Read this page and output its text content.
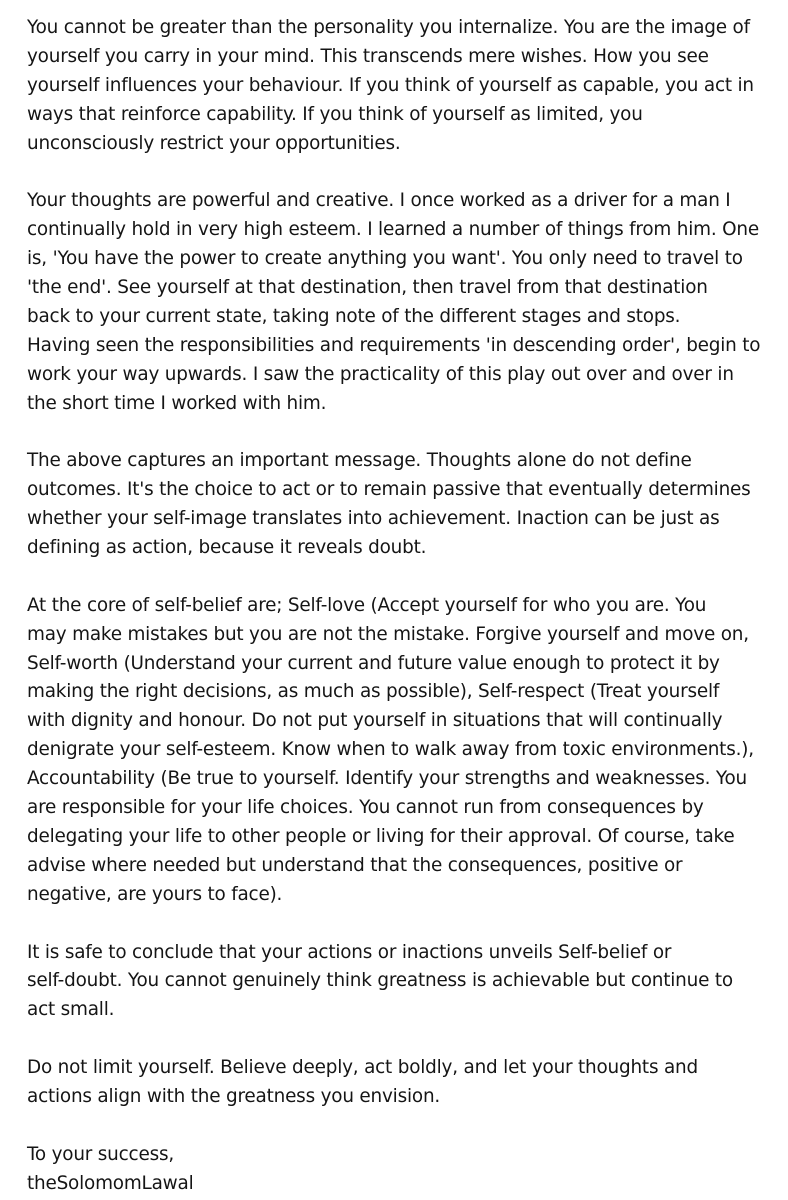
You cannot be greater than the personality you internalize. You are the image of
yourself you carry in your mind. This transcends mere wishes. How you see
yourself influences your behaviour. If you think of yourself as capable, you act in
ways that reinforce capability. If you think of yourself as limited, you
unconsciously restrict your opportunities.
Your thoughts are powerful and creative. I once worked as a driver for a man I
continually hold in very high esteem. I learned a number of things from him. One
is, 'You have the power to create anything you want'. You only need to travel to
'the end'. See yourself at that destination, then travel from that destination
back to your current state, taking note of the different stages and stops.
Having seen the responsibilities and requirements 'in descending order', begin to
work your way upwards. I saw the practicality of this play out over and over in
the short time I worked with him.
The above captures an important message. Thoughts alone do not define
outcomes. It's the choice to act or to remain passive that eventually determines
whether your self-image translates into achievement. Inaction can be just as
defining as action, because it reveals doubt.
At the core of self-belief are; Self-love (Accept yourself for who you are. You
may make mistakes but you are not the mistake. Forgive yourself and move on,
Self-worth (Understand your current and future value enough to protect it by
making the right decisions, as much as possible), Self-respect (Treat yourself
with dignity and honour. Do not put yourself in situations that will continually
denigrate your self-esteem. Know when to walk away from toxic environments.),
Accountability (Be true to yourself. Identify your strengths and weaknesses. You
are responsible for your life choices. You cannot run from consequences by
delegating your life to other people or living for their approval. Of course, take
advise where needed but understand that the consequences, positive or
negative, are yours to face).
It is safe to conclude that your actions or inactions unveils Self-belief or
self-doubt. You cannot genuinely think greatness is achievable but continue to
act small.
Do not limit yourself. Believe deeply, act boldly, and let your thoughts and
actions align with the greatness you envision.
To your success,
theSolomomLawal
